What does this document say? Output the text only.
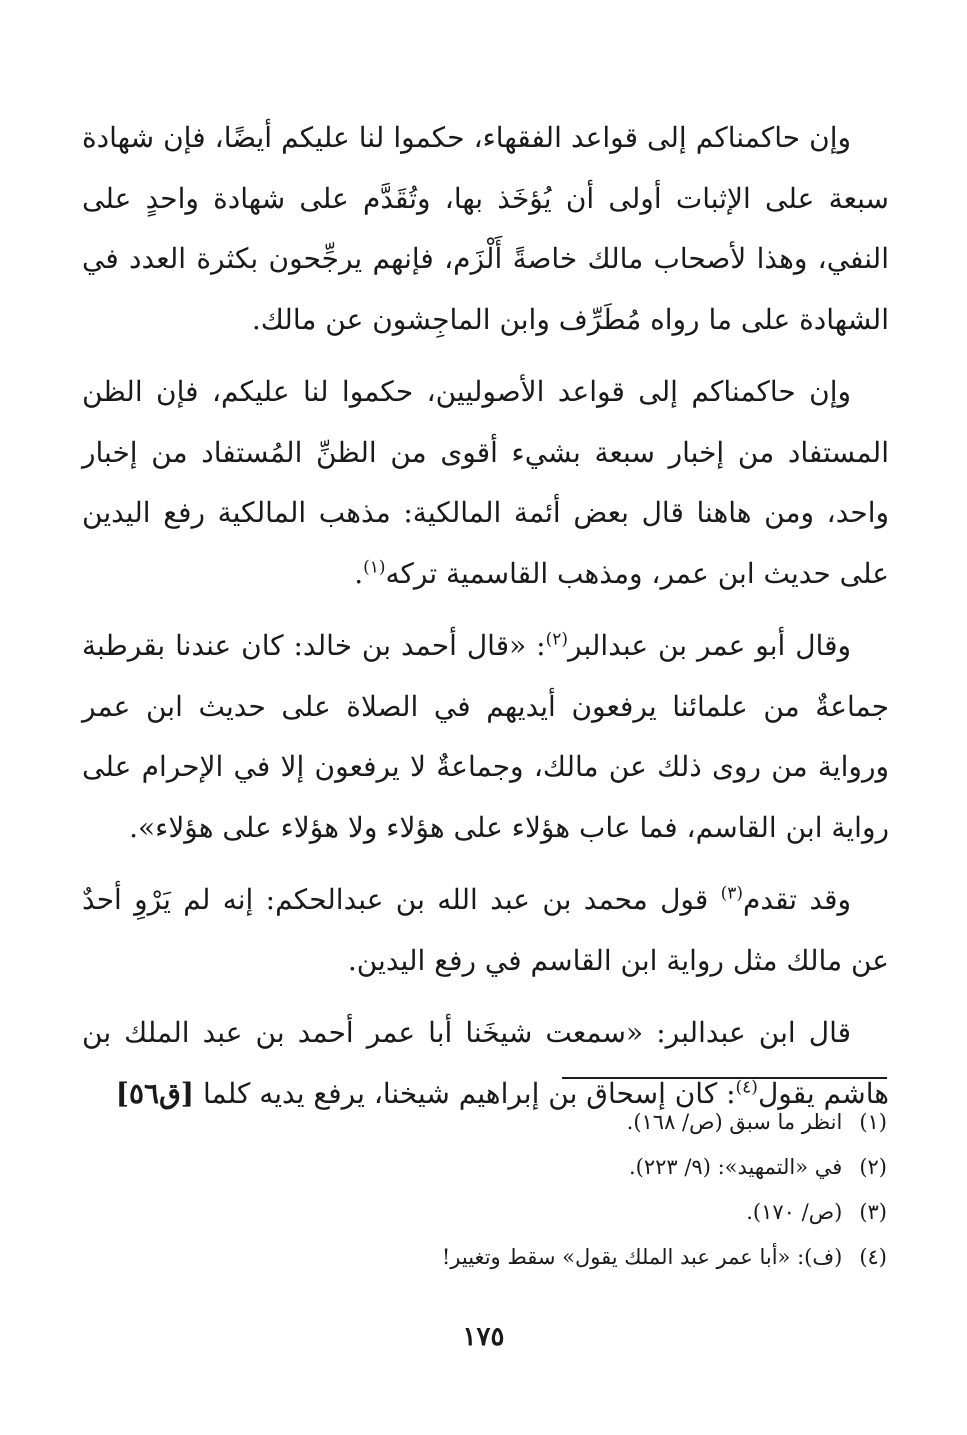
وإن حاكمناكم إلى قواعد الفقهاء، حكموا لنا عليكم أيضًا، فإن شهادة سبعة على الإثبات أولى أن يُؤخَذ بها، وتُقَدَّم على شهادة واحدٍ على النفي، وهذا لأصحاب مالك خاصةً أَلْزَم، فإنهم يرجِّحون بكثرة العدد في الشهادة على ما رواه مُطَرِّف وابن الماجِشون عن مالك.

وإن حاكمناكم إلى قواعد الأصوليين، حكموا لنا عليكم، فإن الظن المستفاد من إخبار سبعة بشيء أقوى من الظنِّ المُستفاد من إخبار واحد، ومن هاهنا قال بعض أئمة المالكية: مذهب المالكية رفع اليدين على حديث ابن عمر، ومذهب القاسمية تركه$^{(١)}$.

وقال أبو عمر بن عبدالبر$^{(٢)}$: «قال أحمد بن خالد: كان عندنا بقرطبة جماعةٌ من علمائنا يرفعون أيديهم في الصلاة على حديث ابن عمر ورواية من روى ذلك عن مالك، وجماعةٌ لا يرفعون إلا في الإحرام على رواية ابن القاسم، فما عاب هؤلاء على هؤلاء ولا هؤلاء على هؤلاء».

وقد تقدم$^{(٣)}$ قول محمد بن عبد الله بن عبدالحكم: إنه لم يَرْوِ أحدٌ عن مالك مثل رواية ابن القاسم في رفع اليدين.

قال ابن عبدالبر: «سمعت شيخَنا أبا عمر أحمد بن عبد الملك بن هاشم يقول$^{(٤)}$: كان إسحاق بن إبراهيم شيخنا، يرفع يديه كلما [ق٥٦]

(١) انظر ما سبق (ص/ ١٦٨).
(٢) في «التمهيد»: (٩/ ٢٢٣).
(٣) (ص/ ١٧٠).
(٤) (ف): «أبا عمر عبد الملك يقول» سقط وتغيير!
١٧٥
